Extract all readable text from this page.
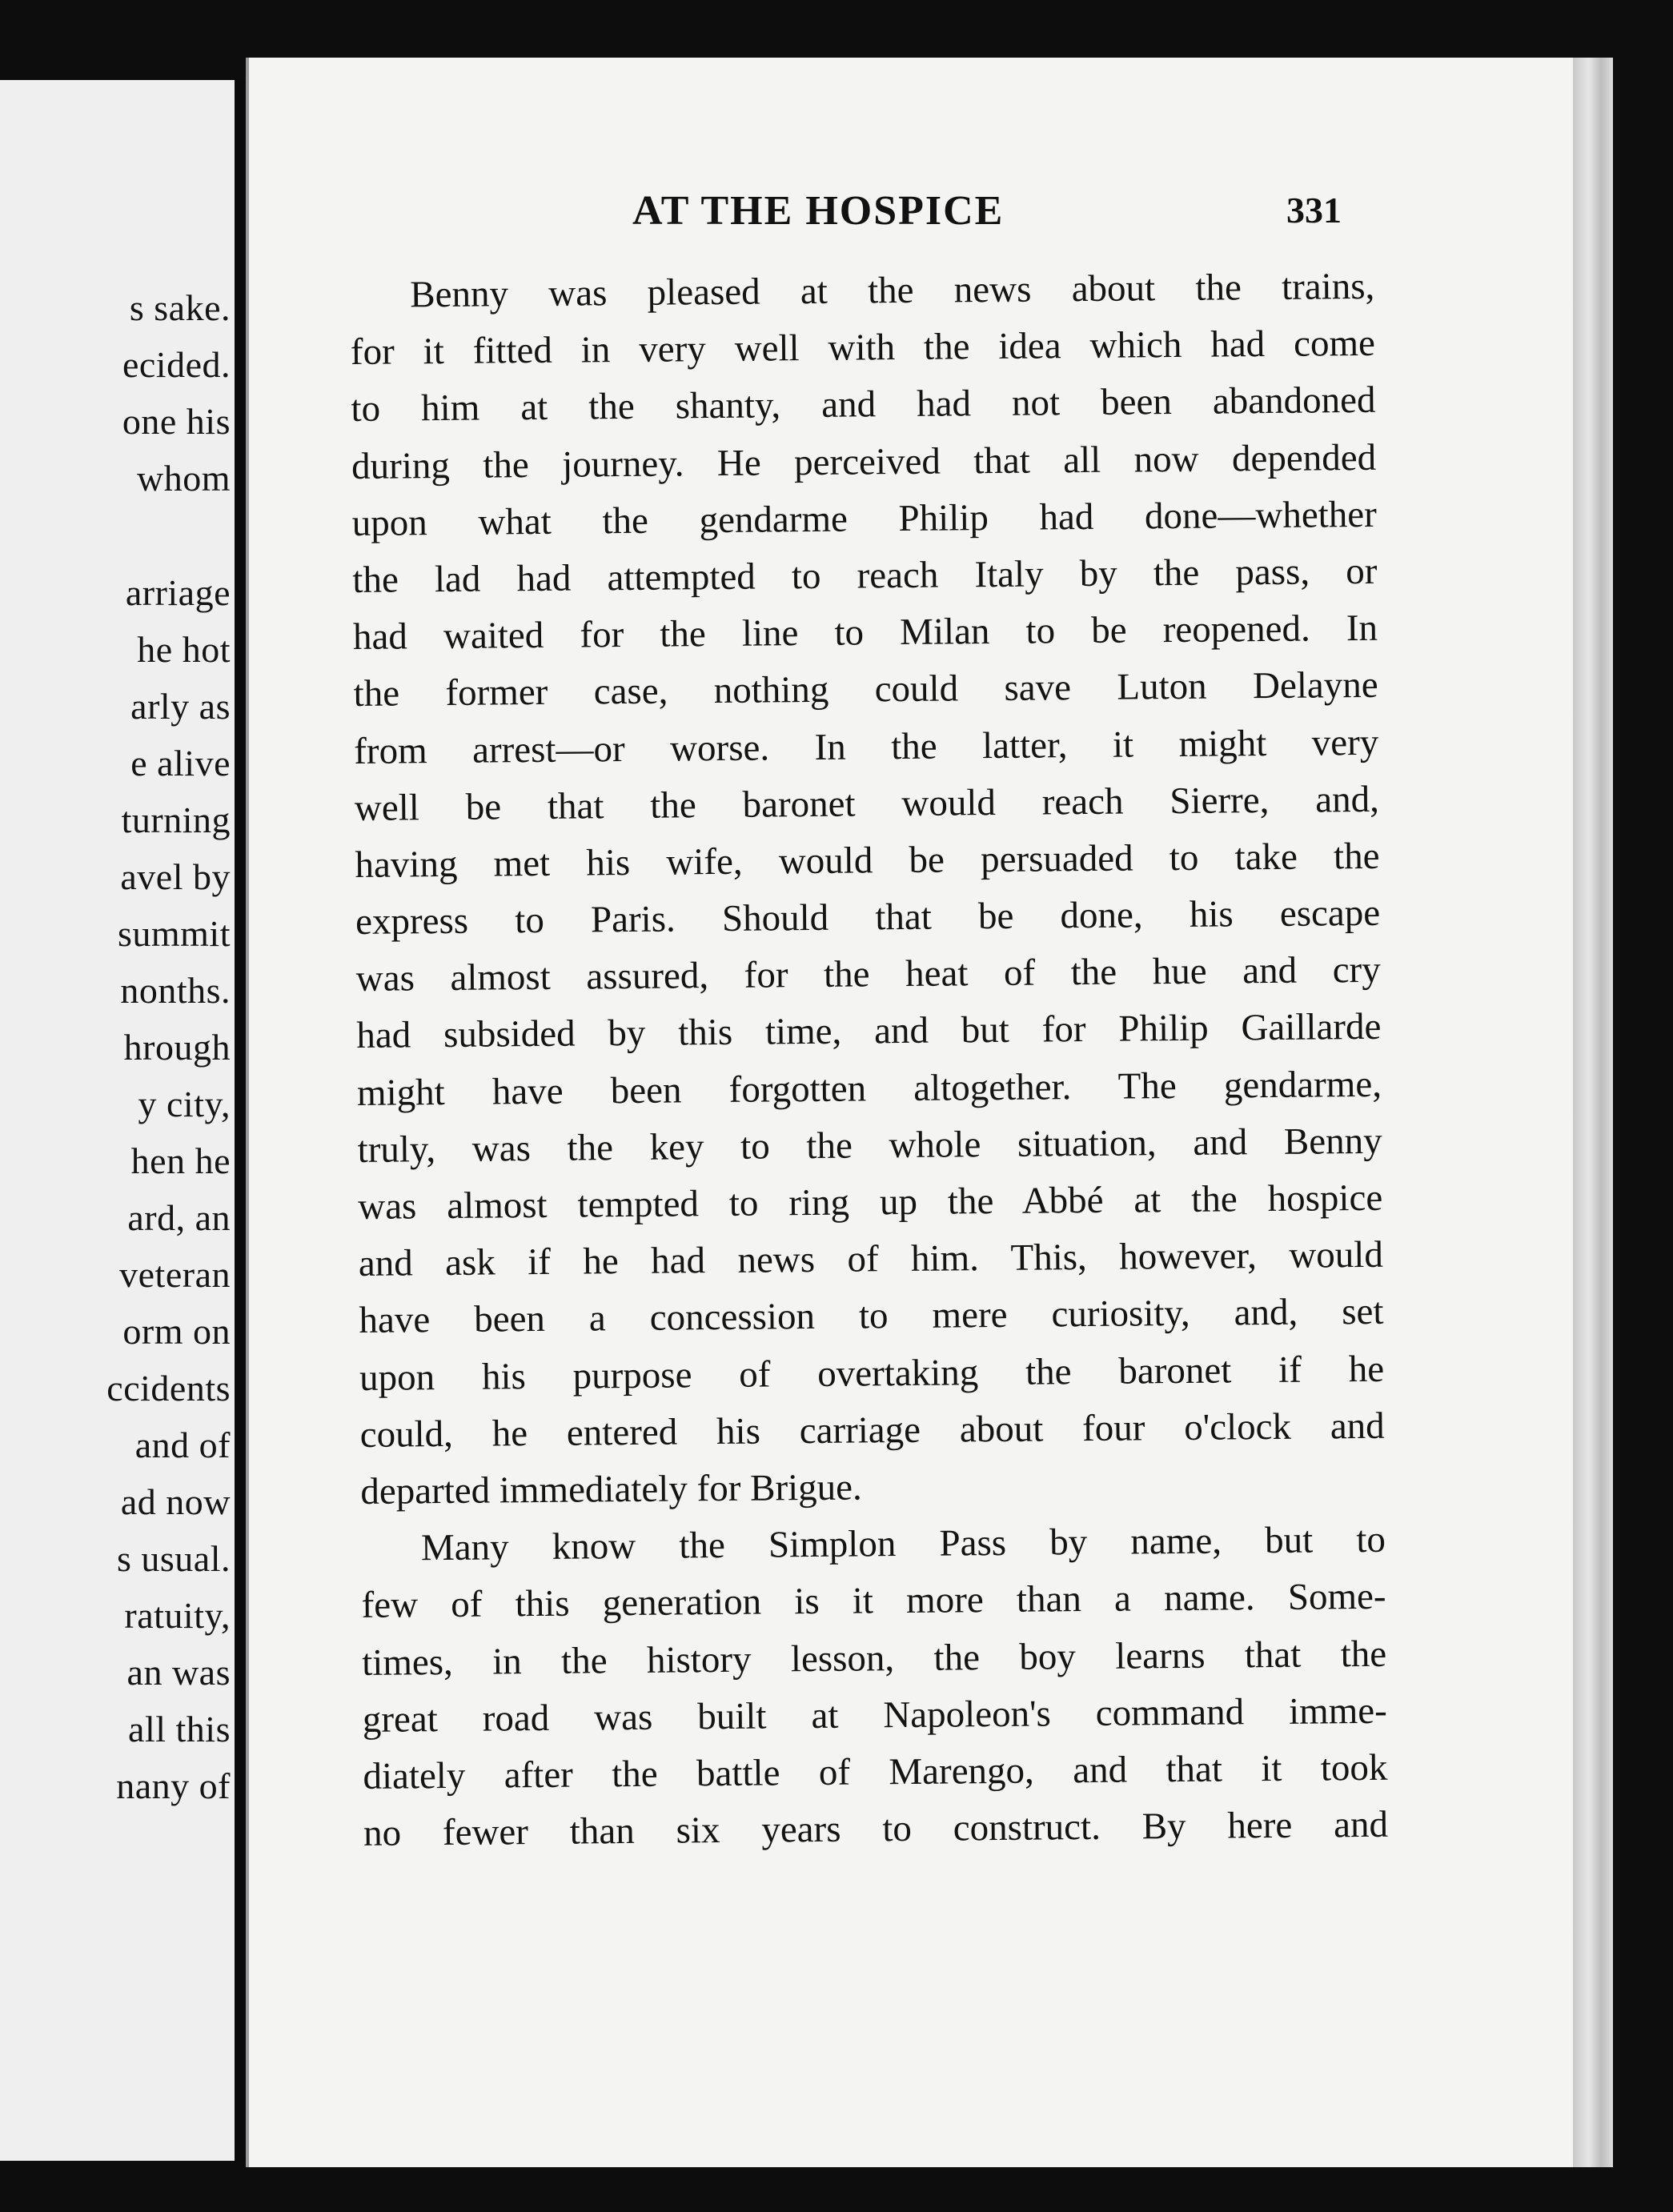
s sake.
ecided.
one his
whom
arriage
he hot
arly as
e alive
turning
avel by
summit
nonths.
hrough
y city,
hen he
ard, an
veteran
orm on
ccidents
and of
ad now
s usual.
ratuity,
an was
all this
nany of
AT THE HOSPICE	331
Benny was pleased at the news about the trains,
for it fitted in very well with the idea which had come
to him at the shanty, and had not been abandoned
during the journey. He perceived that all now depended
upon what the gendarme Philip had done—whether
the lad had attempted to reach Italy by the pass, or
had waited for the line to Milan to be reopened. In
the former case, nothing could save Luton Delayne
from arrest—or worse. In the latter, it might very
well be that the baronet would reach Sierre, and,
having met his wife, would be persuaded to take the
express to Paris. Should that be done, his escape
was almost assured, for the heat of the hue and cry
had subsided by this time, and but for Philip Gaillarde
might have been forgotten altogether. The gendarme,
truly, was the key to the whole situation, and Benny
was almost tempted to ring up the Abbé at the hospice
and ask if he had news of him. This, however, would
have been a concession to mere curiosity, and, set
upon his purpose of overtaking the baronet if he
could, he entered his carriage about four o'clock and
departed immediately for Brigue.
Many know the Simplon Pass by name, but to
few of this generation is it more than a name. Some-
times, in the history lesson, the boy learns that the
great road was built at Napoleon's command imme-
diately after the battle of Marengo, and that it took
no fewer than six years to construct. By here and
